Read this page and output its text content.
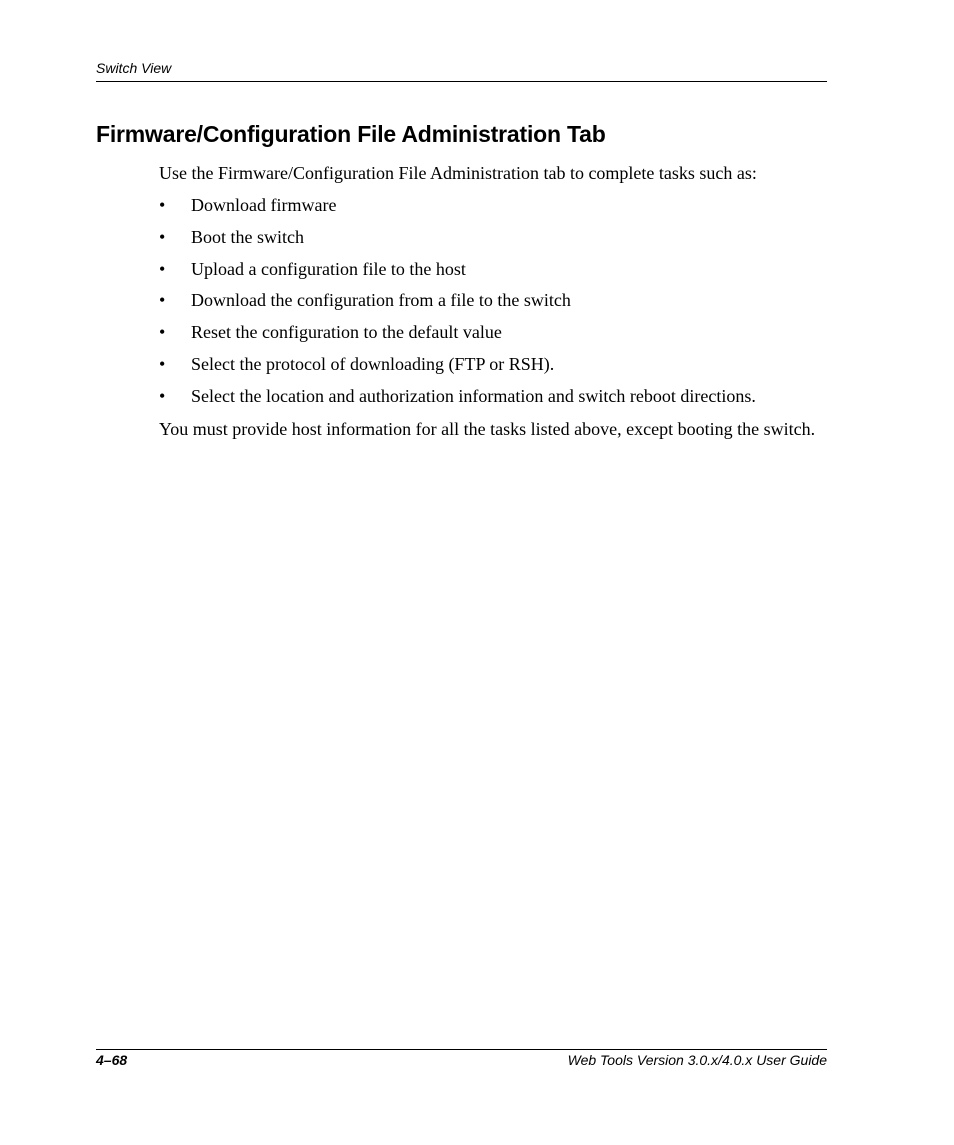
Switch View
Firmware/Configuration File Administration Tab

Use the Firmware/Configuration File Administration tab to complete tasks such as:

• Download firmware
• Boot the switch
• Upload a configuration file to the host
• Download the configuration from a file to the switch
• Reset the configuration to the default value
• Select the protocol of downloading (FTP or RSH).
• Select the location and authorization information and switch reboot directions.

You must provide host information for all the tasks listed above, except booting the switch.

4–68	Web Tools Version 3.0.x/4.0.x User Guide
